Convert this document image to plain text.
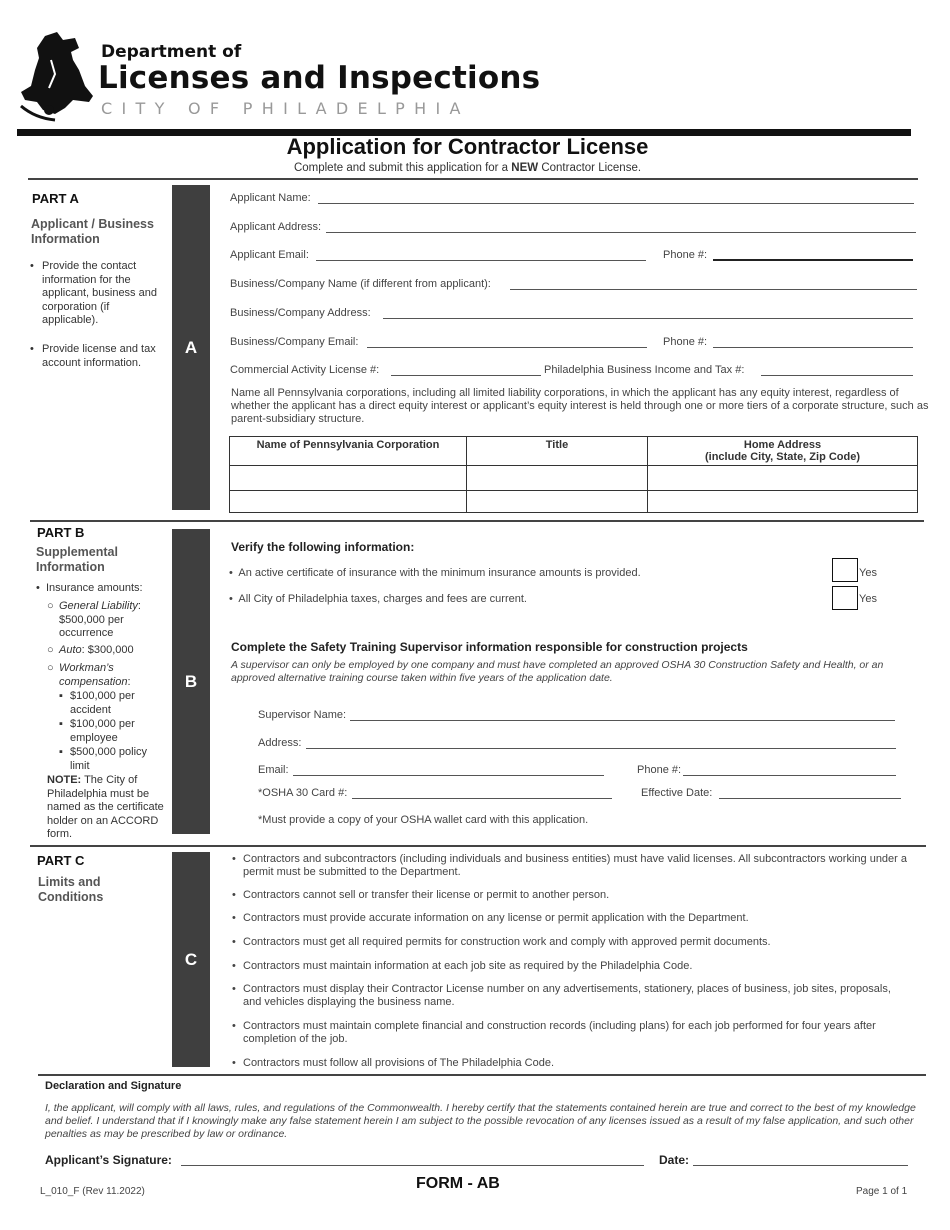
Department of
Licenses and Inspections
CITY OF PHILADELPHIA
Application for Contractor License
Complete and submit this application for a NEW Contractor License.
PART A
Applicant / Business Information
Provide the contact information for the applicant, business and corporation (if applicable).
•
Provide license and tax account information.
•	A
Applicant Name:
Applicant Address:
Applicant Email:	Phone #:
Business/Company Name (if different from applicant):
Business/Company Address:
Business/Company Email:	Phone #:
Commercial Activity License #:	Philadelphia Business Income and Tax #:
Name all Pennsylvania corporations, including all limited liability corporations, in which the applicant has any equity interest, regardless of whether the applicant has a direct equity interest or applicant’s equity interest is held through one or more tiers of a corporate structure, such as parent-subsidiary structure.
Name of Pennsylvania Corporation	Title	Home Address
(include City, State, Zip Code)

PART B
Supplemental Information
•  Insurance amounts:
○ General Liability: $500,000 per occurrence
○ Auto: $300,000
○ Workman’s compensation:
▪ $100,000 per accident
▪ $100,000 per employee
▪ $500,000 policy limit
NOTE: The City of Philadelphia must be named as the certificate holder on an ACCORD form.
B
Verify the following information:
•  An active certificate of insurance with the minimum insurance amounts is provided.
•  All City of Philadelphia taxes, charges and fees are current.
Yes
Yes
Complete the Safety Training Supervisor information responsible for construction projects
A supervisor can only be employed by one company and must have completed an approved OSHA 30 Construction Safety and Health, or an approved alternative training course taken within five years of the application date.
Supervisor Name:
Address:
Email:	Phone #:
*OSHA 30 Card #:	Effective Date:
*Must provide a copy of your OSHA wallet card with this application.
PART C
Limits and Conditions
C
• Contractors and subcontractors (including individuals and business entities) must have valid licenses. All subcontractors working under a permit must be submitted to the Department.
• Contractors cannot sell or transfer their license or permit to another person.
• Contractors must provide accurate information on any license or permit application with the Department.
• Contractors must get all required permits for construction work and comply with approved permit documents.
• Contractors must maintain information at each job site as required by the Philadelphia Code.
• Contractors must display their Contractor License number on any advertisements, stationery, places of business, job sites, proposals, and vehicles displaying the business name.
• Contractors must maintain complete financial and construction records (including plans) for each job performed for four years after completion of the job.
• Contractors must follow all provisions of The Philadelphia Code.
Declaration and Signature
I, the applicant, will comply with all laws, rules, and regulations of the Commonwealth. I hereby certify that the statements contained herein are true and correct to the best of my knowledge and belief. I understand that if I knowingly make any false statement herein I am subject to the possible revocation of any licenses issued as a result of my false application, and such other penalties as may be prescribed by law or ordinance.
Applicant’s Signature:	Date:
L_010_F (Rev 11.2022)	FORM - AB	Page 1 of 1
